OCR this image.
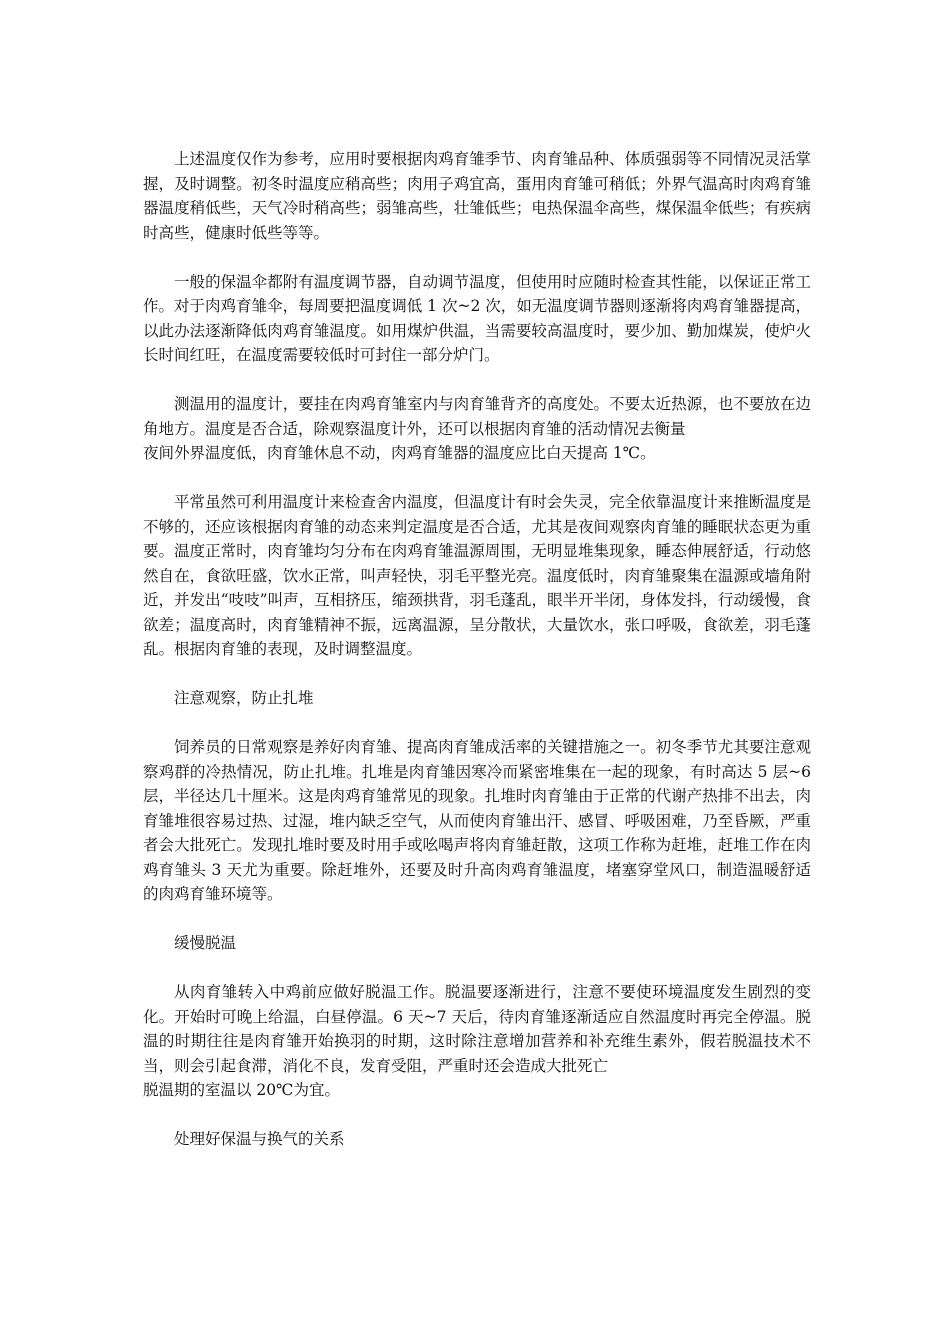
上述温度仅作为参考，应用时要根据肉鸡育雏季节、肉育雏品种、体质强弱等不同情况灵活掌握，及时调整。初冬时温度应稍高些；肉用子鸡宜高，蛋用肉育雏可稍低；外界气温高时肉鸡育雏器温度稍低些，天气冷时稍高些；弱雏高些，壮雏低些；电热保温伞高些，煤保温伞低些；有疾病时高些，健康时低些等等。

一般的保温伞都附有温度调节器，自动调节温度，但使用时应随时检查其性能，以保证正常工作。对于肉鸡育雏伞，每周要把温度调低 1 次~2 次，如无温度调节器则逐渐将肉鸡育雏器提高，以此办法逐渐降低肉鸡育雏温度。如用煤炉供温，当需要较高温度时，要少加、勤加煤炭，使炉火长时间红旺，在温度需要较低时可封住一部分炉门。

测温用的温度计，要挂在肉鸡育雏室内与肉育雏背齐的高度处。不要太近热源，也不要放在边角地方。温度是否合适，除观察温度计外，还可以根据肉育雏的活动情况去衡量
夜间外界温度低，肉育雏休息不动，肉鸡育雏器的温度应比白天提高 1℃。

平常虽然可利用温度计来检查舍内温度，但温度计有时会失灵，完全依靠温度计来推断温度是不够的，还应该根据肉育雏的动态来判定温度是否合适，尤其是夜间观察肉育雏的睡眠状态更为重要。温度正常时，肉育雏均匀分布在肉鸡育雏温源周围，无明显堆集现象，睡态伸展舒适，行动悠然自在，食欲旺盛，饮水正常，叫声轻快，羽毛平整光亮。温度低时，肉育雏聚集在温源或墙角附近，并发出“吱吱”叫声，互相挤压，缩颈拱背，羽毛蓬乱，眼半开半闭，身体发抖，行动缓慢，食欲差；温度高时，肉育雏精神不振，远离温源，呈分散状，大量饮水，张口呼吸，食欲差，羽毛蓬乱。根据肉育雏的表现，及时调整温度。

注意观察，防止扎堆

饲养员的日常观察是养好肉育雏、提高肉育雏成活率的关键措施之一。初冬季节尤其要注意观察鸡群的冷热情况，防止扎堆。扎堆是肉育雏因寒冷而紧密堆集在一起的现象，有时高达 5 层~6 层，半径达几十厘米。这是肉鸡育雏常见的现象。扎堆时肉育雏由于正常的代谢产热排不出去，肉育雏堆很容易过热、过湿，堆内缺乏空气，从而使肉育雏出汗、感冒、呼吸困难，乃至昏厥，严重者会大批死亡。发现扎堆时要及时用手或吆喝声将肉育雏赶散，这项工作称为赶堆，赶堆工作在肉鸡育雏头 3 天尤为重要。除赶堆外，还要及时升高肉鸡育雏温度，堵塞穿堂风口，制造温暖舒适的肉鸡育雏环境等。

缓慢脱温

从肉育雏转入中鸡前应做好脱温工作。脱温要逐渐进行，注意不要使环境温度发生剧烈的变化。开始时可晚上给温，白昼停温。6 天~7 天后，待肉育雏逐渐适应自然温度时再完全停温。脱温的时期往往是肉育雏开始换羽的时期，这时除注意增加营养和补充维生素外，假若脱温技术不当，则会引起食滞，消化不良，发育受阻，严重时还会造成大批死亡
脱温期的室温以 20℃为宜。

处理好保温与换气的关系
